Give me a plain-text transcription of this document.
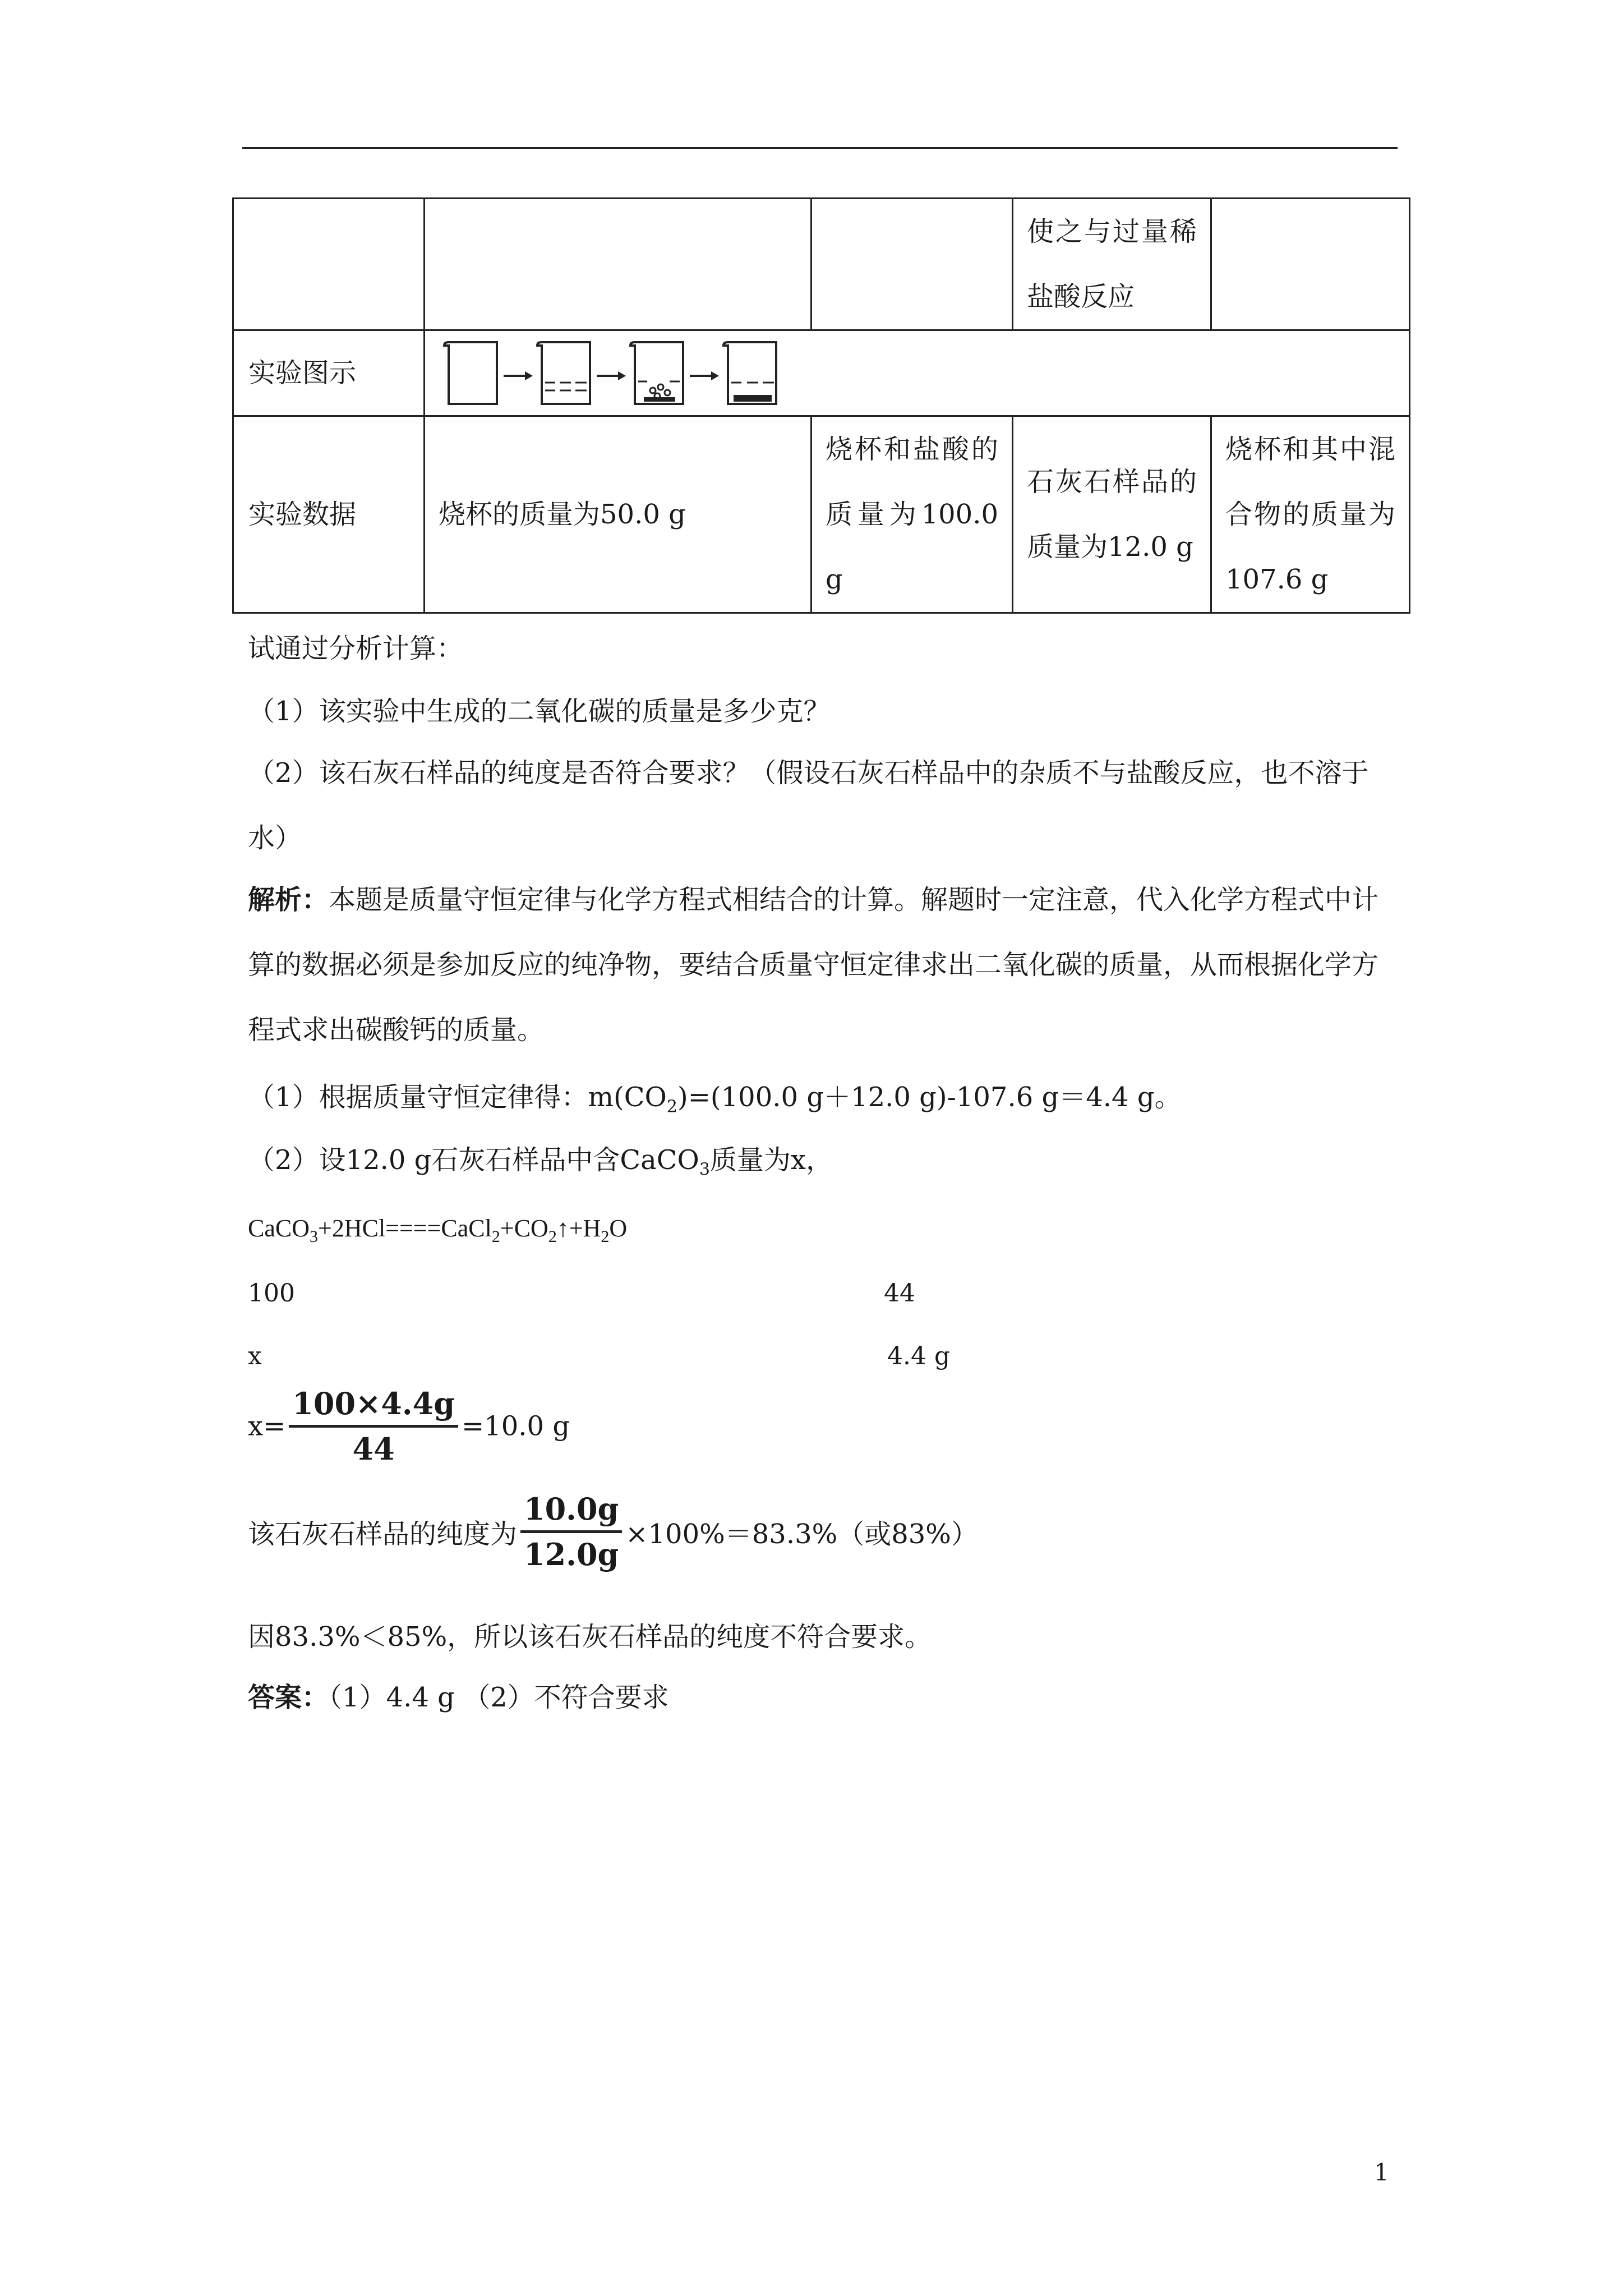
			使之与过量稀盐酸反应	

实验图示	

实验数据	烧杯的质量为50.0 g	烧杯和盐酸的质量为100.0 g	石灰石样品的质量为12.0 g	烧杯和其中混合物的质量为107.6 g

试通过分析计算：

（1）该实验中生成的二氧化碳的质量是多少克？

（2）该石灰石样品的纯度是否符合要求？（假设石灰石样品中的杂质不与盐酸反应，也不溶于水）

解析：本题是质量守恒定律与化学方程式相结合的计算。解题时一定注意，代入化学方程式中计算的数据必须是参加反应的纯净物，要结合质量守恒定律求出二氧化碳的质量，从而根据化学方程式求出碳酸钙的质量。

（1）根据质量守恒定律得：$m(CO_2)=(100.0$ g＋12.0 g)-107.6 g＝4.4 g。

（2）设12.0 g石灰石样品中含CaCO$_3$质量为x，

$CaCO_3+2HCl====CaCl_2+CO_2↑+H_2O$

100	44
x	4.4 g
$x= \frac{100\times 4.4g}{44} =10.0$ g
该石灰石样品的纯度为 $\frac{10.0g}{12.0g} \times 100\%=83.3\%$（或83%）

因83.3%＜85%，所以该石灰石样品的纯度不符合要求。

答案：（1）4.4 g （2）不符合要求

1
